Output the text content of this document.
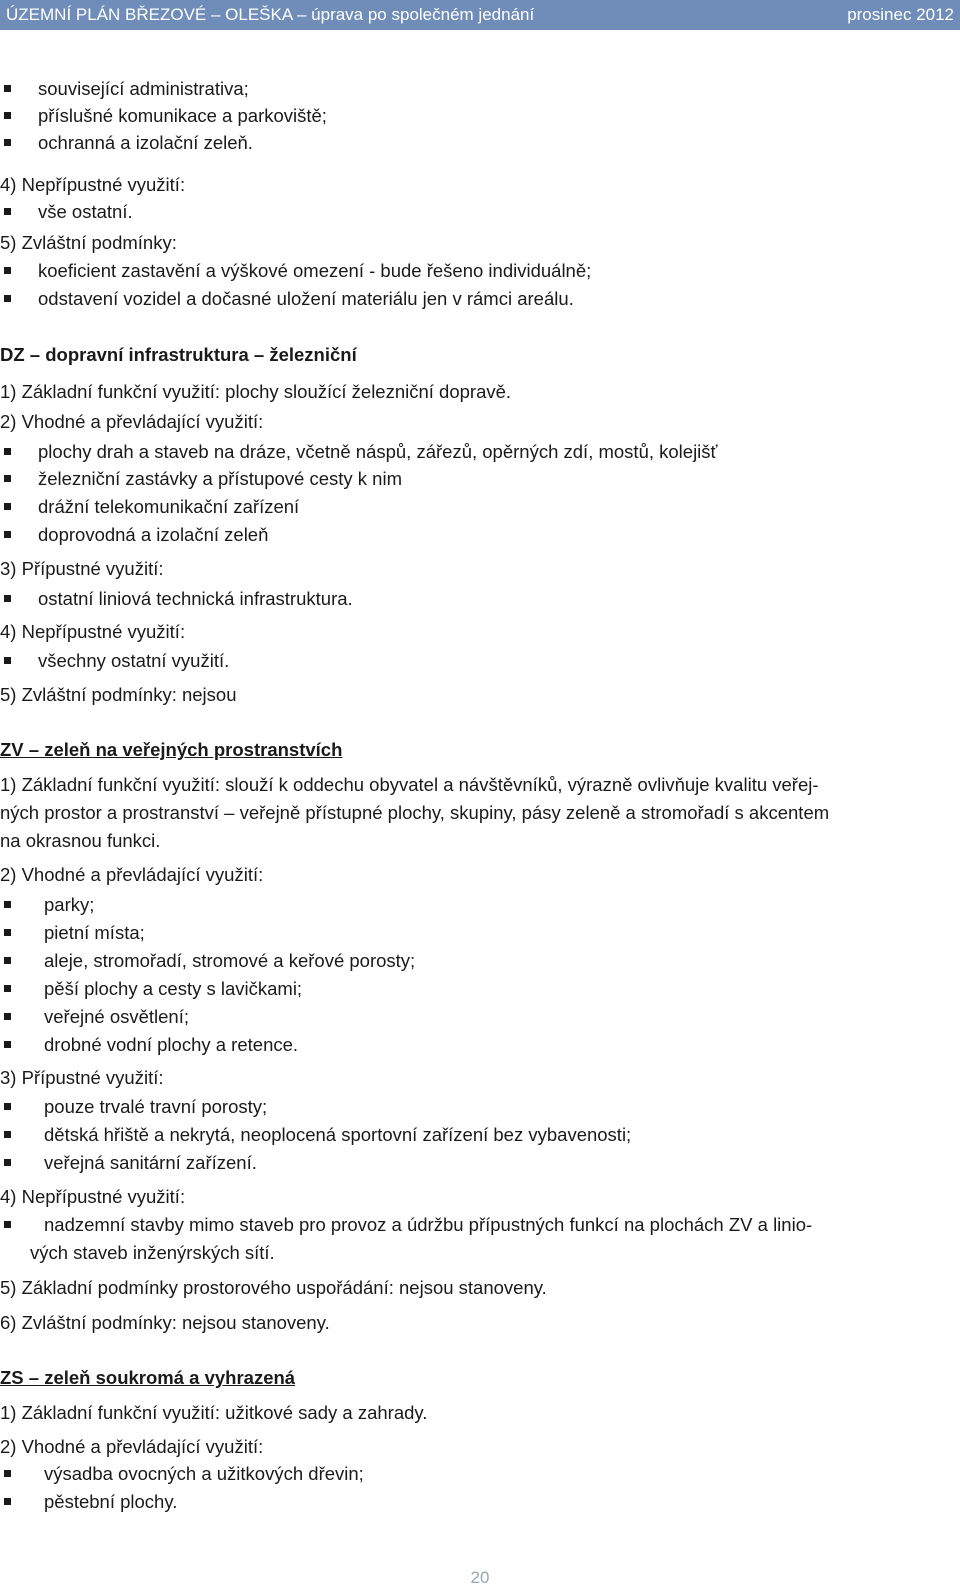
ÚZEMNÍ PLÁN BŘEZOVÉ – OLEŠKA – úprava po společném jednání	prosinec 2012
související administrativa;
příslušné komunikace a parkoviště;
ochranná a izolační zeleň.
4) Nepřípustné využití:
vše ostatní.
5) Zvláštní podmínky:
koeficient zastavění a výškové omezení - bude řešeno individuálně;
odstavení vozidel a dočasné uložení materiálu jen v rámci areálu.
DZ – dopravní infrastruktura – železniční
1) Základní funkční využití: plochy sloužící železniční dopravě.
2) Vhodné a převládající využití:
plochy drah a staveb na dráze, včetně náspů, zářezů, opěrných zdí, mostů, kolejišť
železniční zastávky a přístupové cesty k nim
drážní telekomunikační zařízení
doprovodná a izolační zeleň
3) Přípustné využití:
ostatní liniová technická infrastruktura.
4) Nepřípustné využití:
všechny ostatní využití.
5) Zvláštní podmínky: nejsou
ZV – zeleň na veřejných prostranstvích
1) Základní funkční využití: slouží k oddechu obyvatel a návštěvníků, výrazně ovlivňuje kvalitu veřej-
ných prostor a prostranství – veřejně přístupné plochy, skupiny, pásy zeleně a stromořadí s akcentem
na okrasnou funkci.
2) Vhodné a převládající využití:
parky;
pietní místa;
aleje, stromořadí, stromové a keřové porosty;
pěší plochy a cesty s lavičkami;
veřejné osvětlení;
drobné vodní plochy a retence.
3) Přípustné využití:
pouze trvalé travní porosty;
dětská hřiště a nekrytá, neoplocená sportovní zařízení bez vybavenosti;
veřejná sanitární zařízení.
4) Nepřípustné využití:
nadzemní stavby mimo staveb pro provoz a údržbu přípustných funkcí na plochách ZV a linio-
vých staveb inženýrských sítí.
5) Základní podmínky prostorového uspořádání: nejsou stanoveny.
6) Zvláštní podmínky: nejsou stanoveny.
ZS – zeleň soukromá a vyhrazená
1) Základní funkční využití: užitkové sady a zahrady.
2) Vhodné a převládající využití:
výsadba ovocných a užitkových dřevin;
pěstební plochy.
20
